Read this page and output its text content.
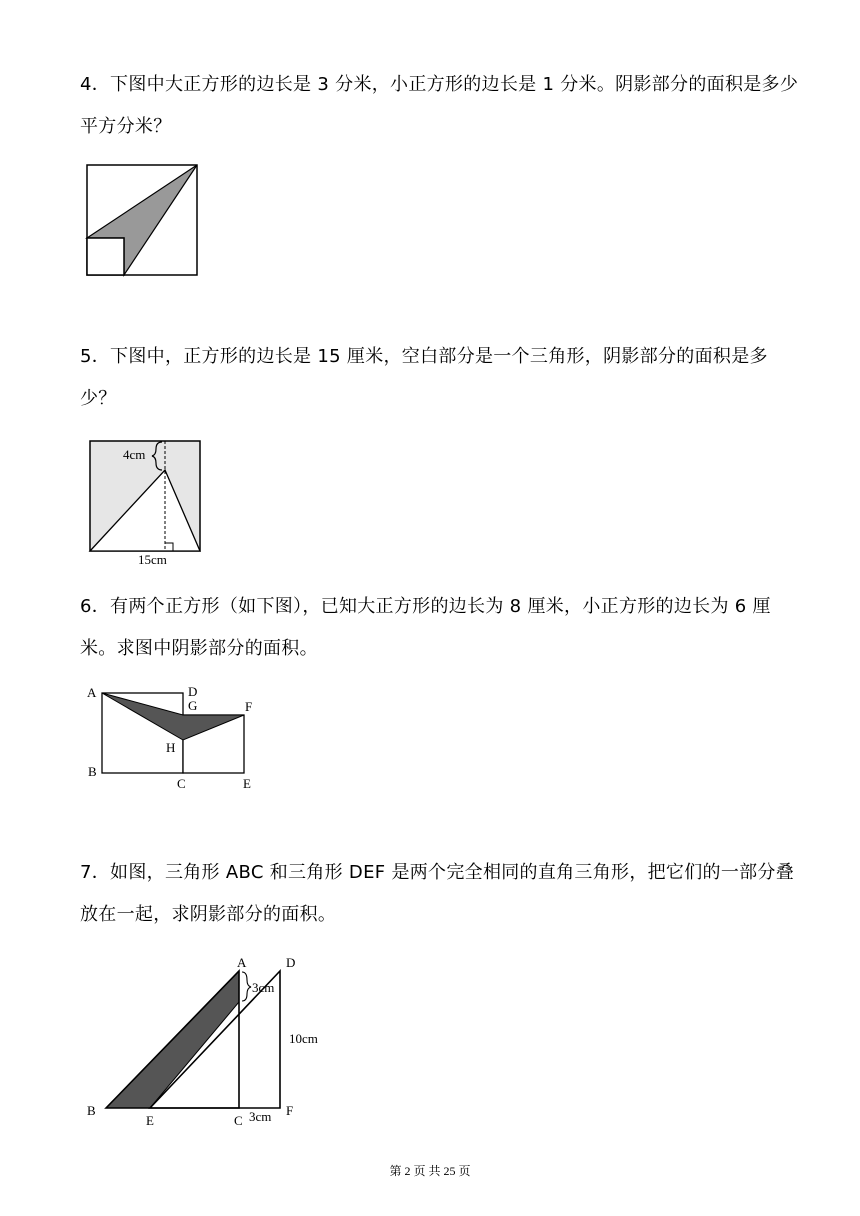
4．下图中大正方形的边长是 3 分米，小正方形的边长是 1 分米。阴影部分的面积是多少平方分米？
5．下图中，正方形的边长是 15 厘米，空白部分是一个三角形，阴影部分的面积是多少？
4cm
15cm
6．有两个正方形（如下图），已知大正方形的边长为 8 厘米，小正方形的边长为 6 厘米。求图中阴影部分的面积。
A
B
C
D
E
F
G
H
7．如图，三角形 ABC 和三角形 DEF 是两个完全相同的直角三角形，把它们的一部分叠放在一起，求阴影部分的面积。
A
B
C
D
E
F
3cm
10cm
3cm
第 2 页 共 25 页
